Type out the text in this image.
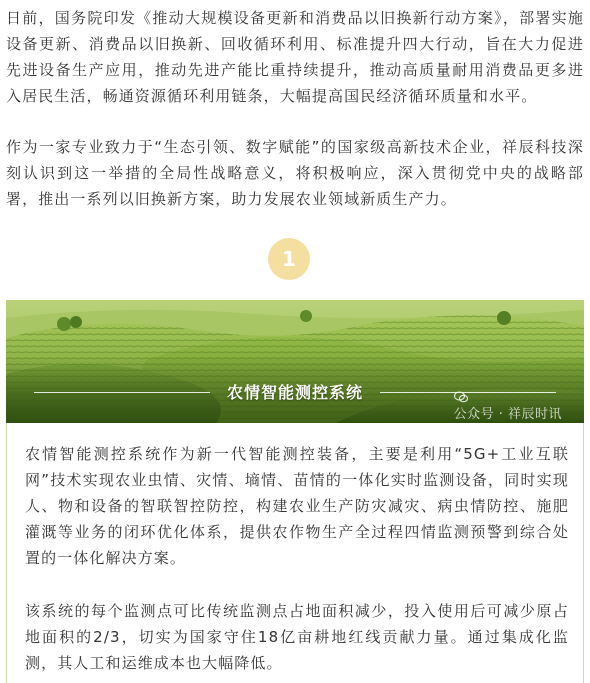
日前，国务院印发《推动大规模设备更新和消费品以旧换新行动方案》，部署实施设备更新、消费品以旧换新、回收循环利用、标准提升四大行动，旨在大力促进先进设备生产应用，推动先进产能比重持续提升，推动高质量耐用消费品更多进入居民生活，畅通资源循环利用链条，大幅提高国民经济循环质量和水平。

作为一家专业致力于“生态引领、数字赋能”的国家级高新技术企业，祥辰科技深刻认识到这一举措的全局性战略意义，将积极响应，深入贯彻党中央的战略部署，推出一系列以旧换新方案，助力发展农业领域新质生产力。

1
农情智能测控系统
公众号 · 祥辰时讯

农情智能测控系统作为新一代智能测控装备，主要是利用“5G+工业互联网”技术实现农业虫情、灾情、墒情、苗情的一体化实时监测设备，同时实现人、物和设备的智联智控防控，构建农业生产防灾减灾、病虫情防控、施肥灌溉等业务的闭环优化体系，提供农作物生产全过程四情监测预警到综合处置的一体化解决方案。

该系统的每个监测点可比传统监测点占地面积减少，投入使用后可减少原占地面积的2/3，切实为国家守住18亿亩耕地红线贡献力量。通过集成化监测，其人工和运维成本也大幅降低。
